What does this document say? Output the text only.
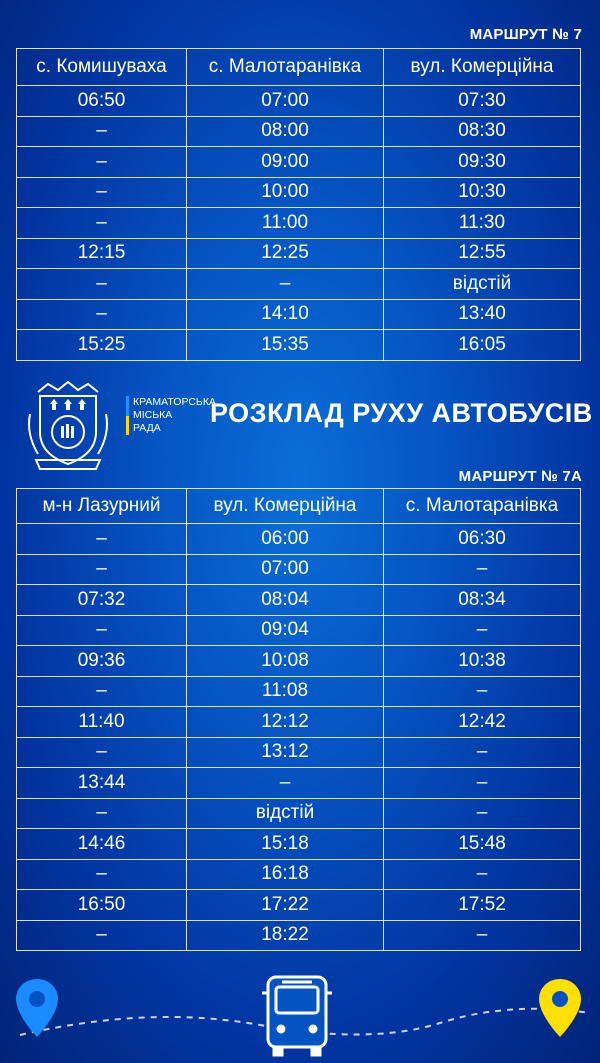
МАРШРУТ № 7
с. Комишуваха	с. Малотаранівка	вул. Комерційна
06:50	07:00	07:30
–	08:00	08:30
–	09:00	09:30
–	10:00	10:30
–	11:00	11:30
12:15	12:25	12:55
–	–	відстій
–	14:10	13:40
15:25	15:35	16:05
КРАМАТОРСЬКА
МІСЬКА
РАДА	РОЗКЛАД РУХУ АВТОБУСІВ
МАРШРУТ № 7А
м-н Лазурний	вул. Комерційна	с. Малотаранівка
–	06:00	06:30
–	07:00	–
07:32	08:04	08:34
–	09:04	–
09:36	10:08	10:38
–	11:08	–
11:40	12:12	12:42
–	13:12	–
13:44	–	–
–	відстій	–
14:46	15:18	15:48
–	16:18	–
16:50	17:22	17:52
–	18:22	–
